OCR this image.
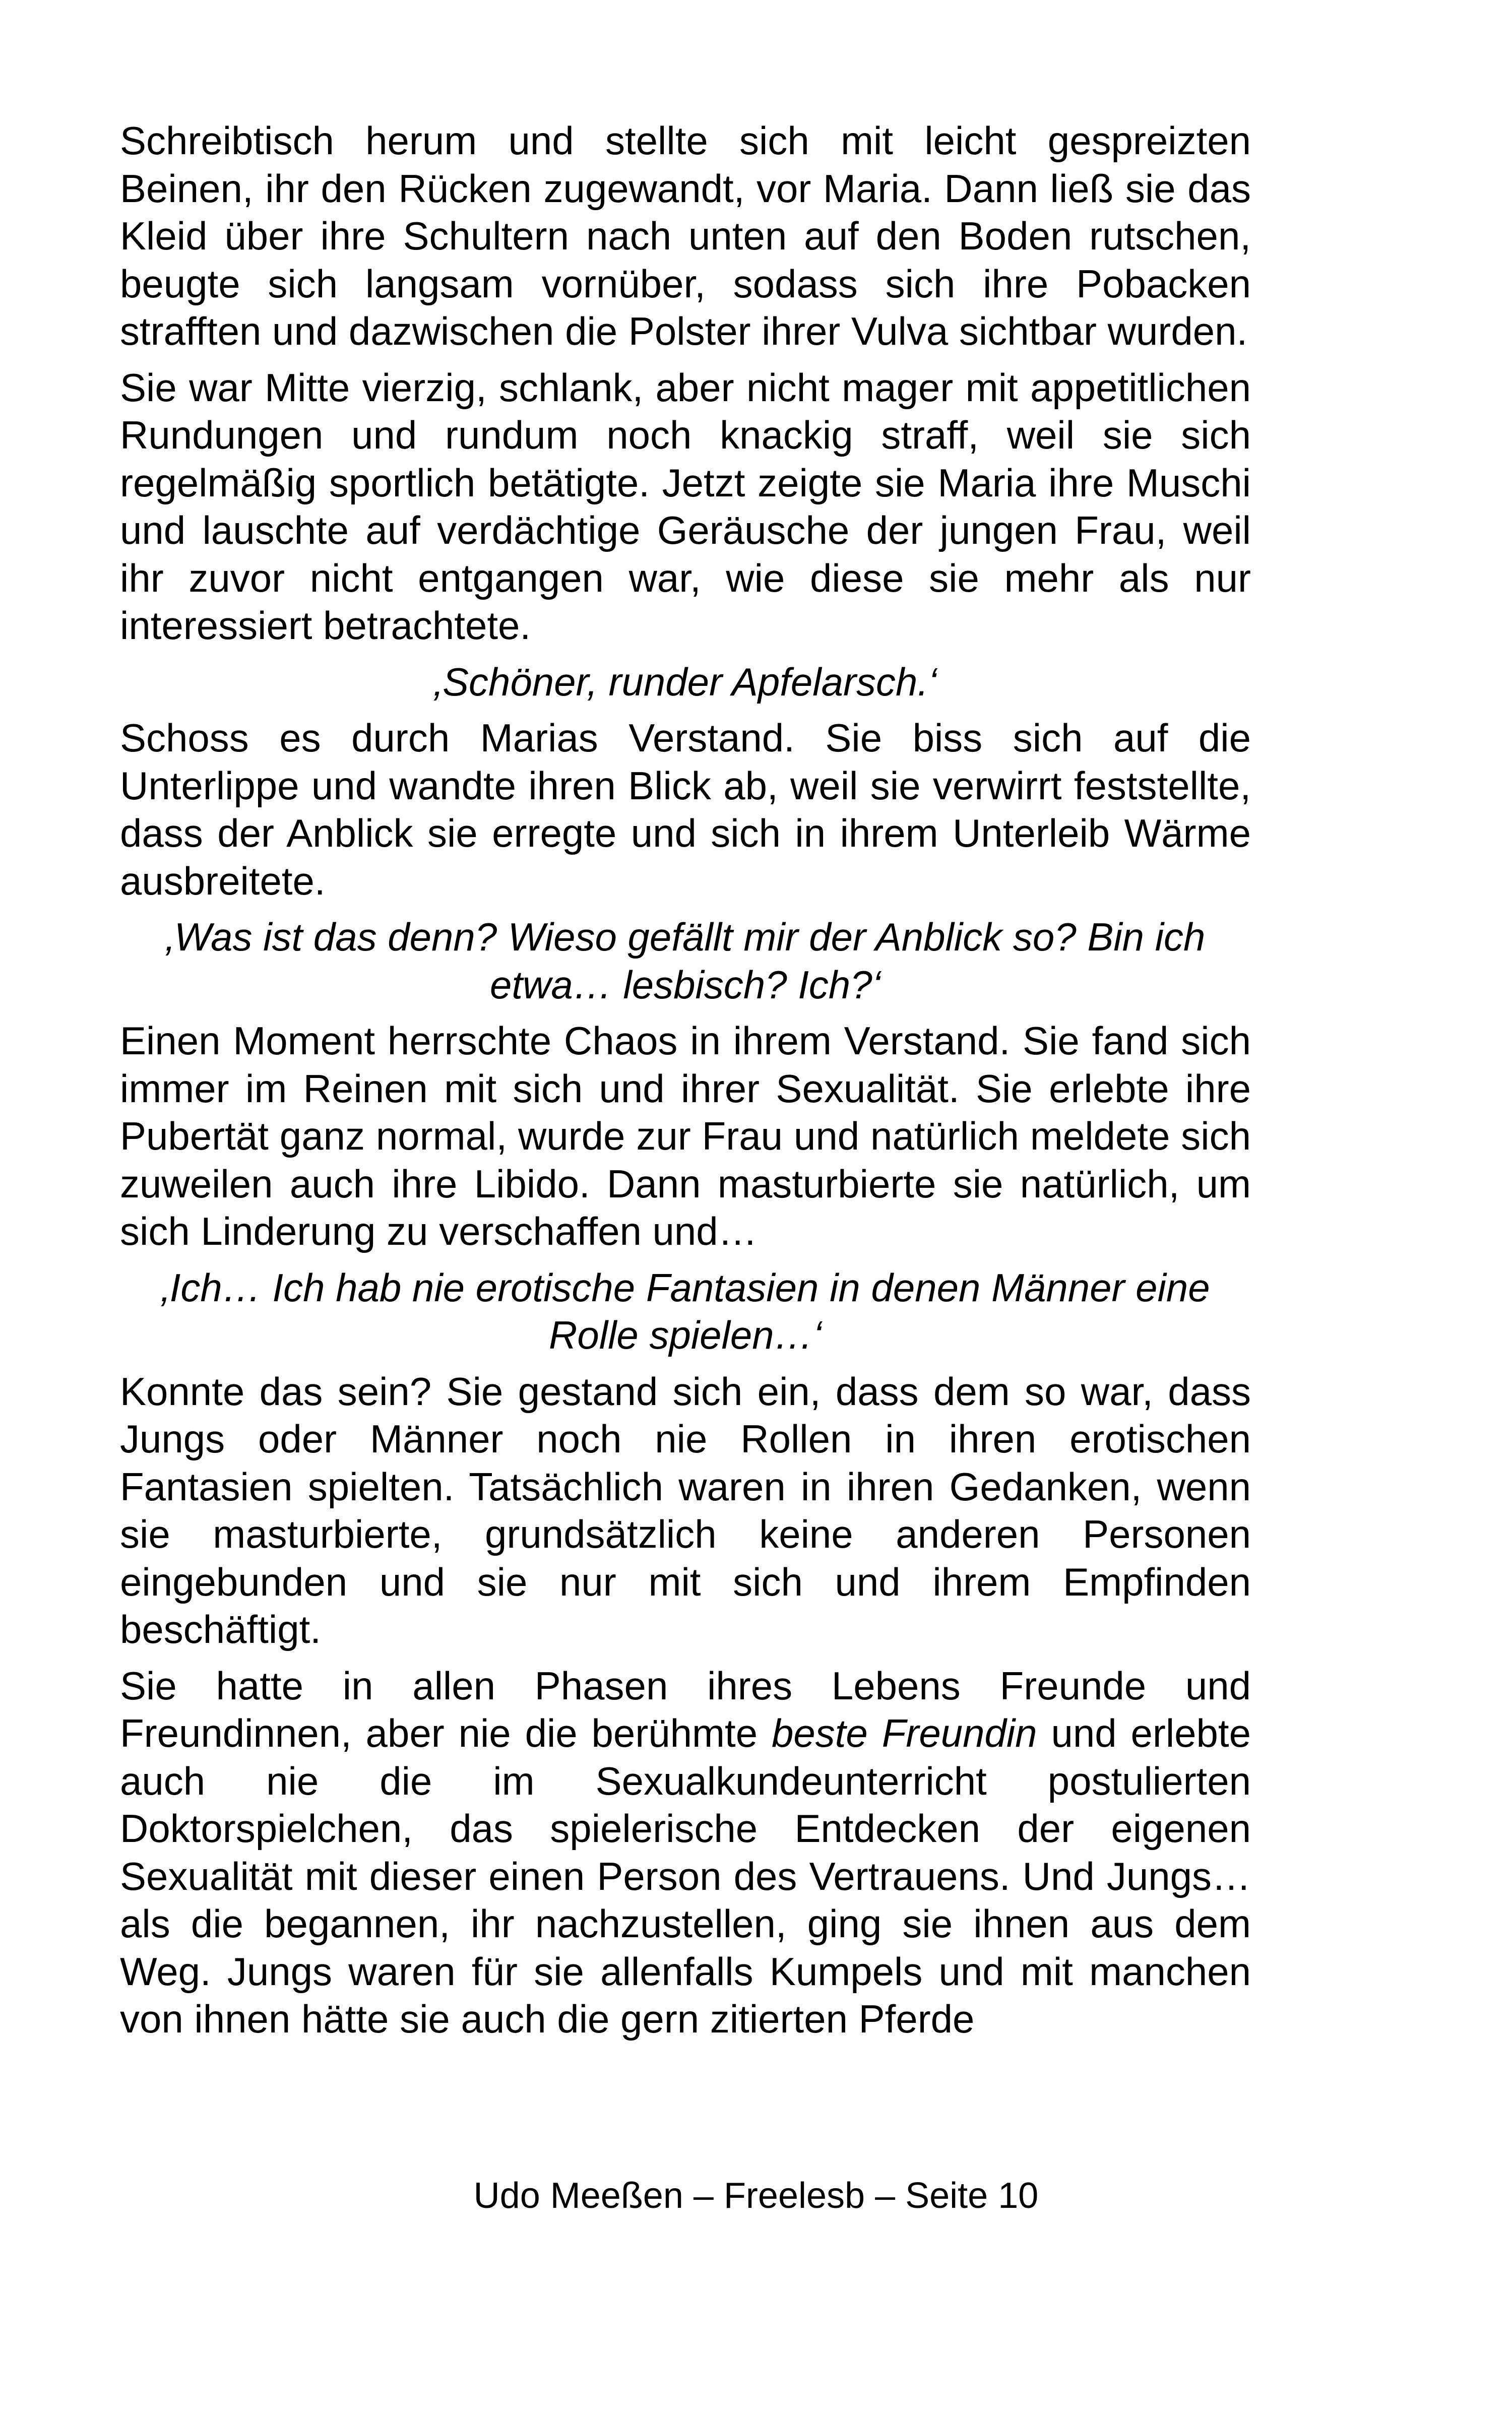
Schreibtisch herum und stellte sich mit leicht gespreizten Beinen, ihr den Rücken zugewandt, vor Maria. Dann ließ sie das Kleid über ihre Schultern nach unten auf den Boden rutschen, beugte sich langsam vornüber, sodass sich ihre Pobacken strafften und dazwischen die Polster ihrer Vulva sichtbar wurden.

Sie war Mitte vierzig, schlank, aber nicht mager mit appetitlichen Rundungen und rundum noch knackig straff, weil sie sich regelmäßig sportlich betätigte. Jetzt zeigte sie Maria ihre Muschi und lauschte auf verdächtige Geräusche der jungen Frau, weil ihr zuvor nicht entgangen war, wie diese sie mehr als nur interessiert betrachtete.

‚Schöner, runder Apfelarsch.‘

Schoss es durch Marias Verstand. Sie biss sich auf die Unterlippe und wandte ihren Blick ab, weil sie verwirrt feststellte, dass der Anblick sie erregte und sich in ihrem Unterleib Wärme ausbreitete.

‚Was ist das denn? Wieso gefällt mir der Anblick so? Bin ich etwa… lesbisch? Ich?‘

Einen Moment herrschte Chaos in ihrem Verstand. Sie fand sich immer im Reinen mit sich und ihrer Sexualität. Sie erlebte ihre Pubertät ganz normal, wurde zur Frau und natürlich meldete sich zuweilen auch ihre Libido. Dann masturbierte sie natürlich, um sich Linderung zu verschaffen und…

‚Ich… Ich hab nie erotische Fantasien in denen Männer eine Rolle spielen…‘

Konnte das sein? Sie gestand sich ein, dass dem so war, dass Jungs oder Männer noch nie Rollen in ihren erotischen Fantasien spielten. Tatsächlich waren in ihren Gedanken, wenn sie masturbierte, grundsätzlich keine anderen Personen eingebunden und sie nur mit sich und ihrem Empfinden beschäftigt.

Sie hatte in allen Phasen ihres Lebens Freunde und Freundinnen, aber nie die berühmte beste Freundin und erlebte auch nie die im Sexualkundeunterricht postulierten Doktorspielchen, das spielerische Entdecken der eigenen Sexualität mit dieser einen Person des Vertrauens. Und Jungs… als die begannen, ihr nachzustellen, ging sie ihnen aus dem Weg. Jungs waren für sie allenfalls Kumpels und mit manchen von ihnen hätte sie auch die gern zitierten Pferde

Udo Meeßen – Freelesb – Seite 10
